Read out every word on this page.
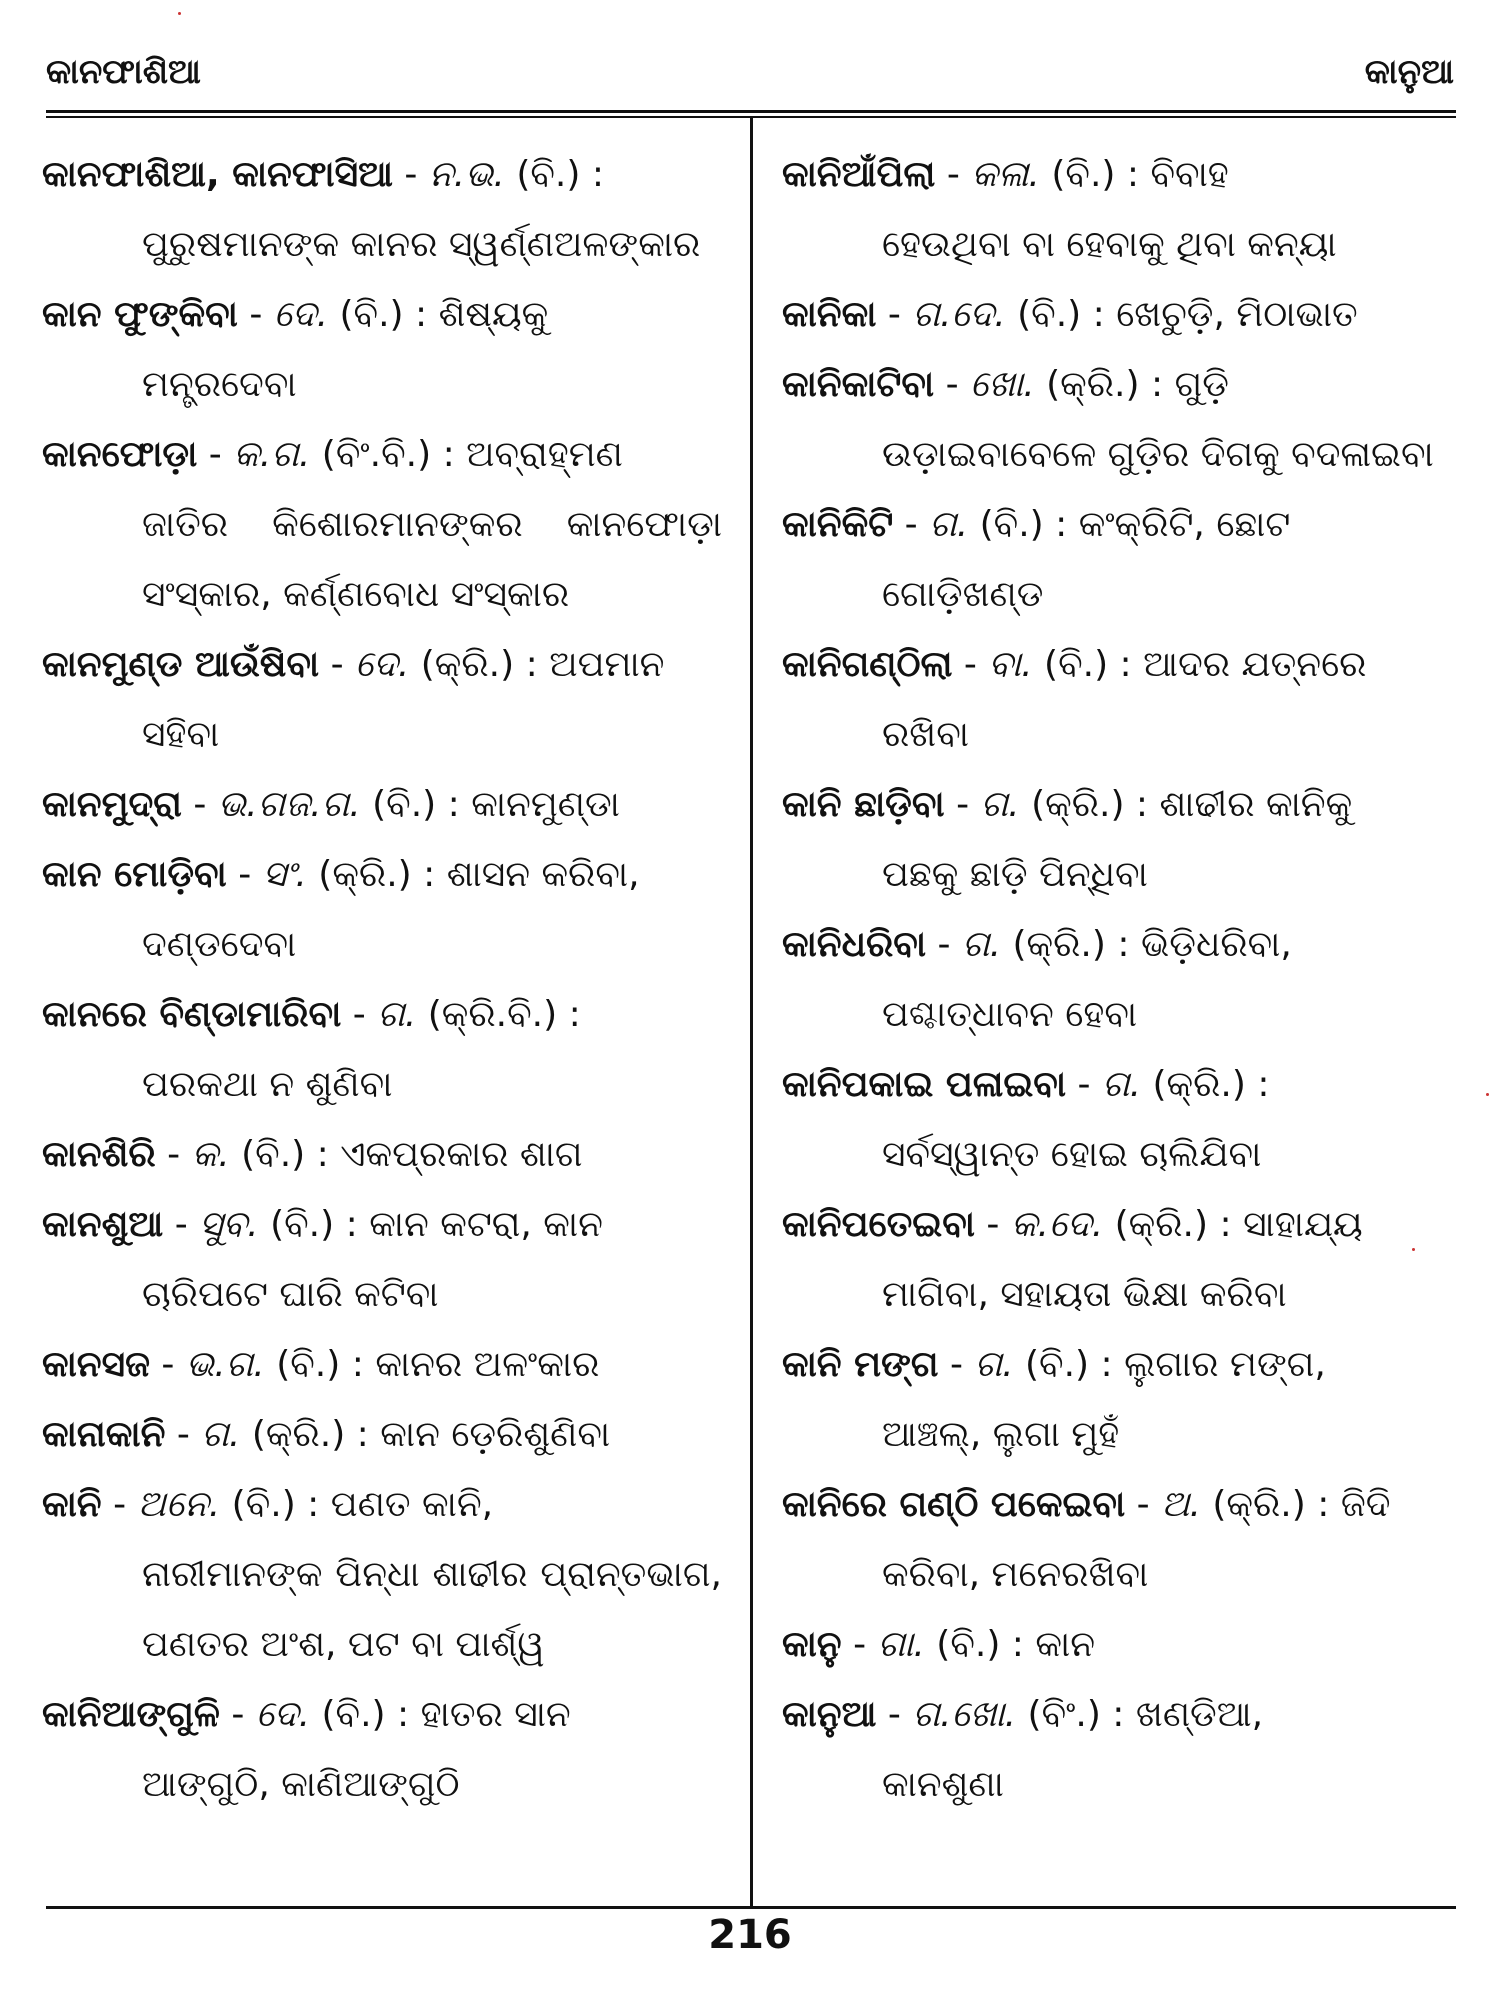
କାନଫାଶିଆ	କାନୁଆ
କାନଫାଶିଆ, କାନଫାସିଆ - ନ.ଭ. (ବି.) :
ପୁରୁଷମାନଙ୍କ କାନର ସ୍ୱର୍ଣ୍ଣଅଳଙ୍କାର
କାନ ଫୁଙ୍କିବା - ଦେ. (ବି.) : ଶିଷ୍ୟକୁ
ମନ୍ତ୍ରଦେବା
କାନଫୋଡ଼ା - କ.ଗ. (ବିଂ.ବି.) : ଅବ୍ରାହ୍ମଣ
ଜାତିର କିଶୋରମାନଙ୍କର କାନଫୋଡ଼ା ସଂସ୍କାର, କର୍ଣ୍ଣବୋଧ ସଂସ୍କାର
କାନମୁଣ୍ଡ ଆଉଁଷିବା - ଦେ. (କ୍ରି.) : ଅପମାନ
ସହିବା
କାନମୁଦ୍ରା - ଭ.ଗଜ.ଗ. (ବି.) : କାନମୁଣ୍ଡା
କାନ ମୋଡ଼ିବା - ସଂ. (କ୍ରି.) : ଶାସନ କରିବା,
ଦଣ୍ଡଦେବା
କାନରେ ବିଣ୍ଡାମାରିବା - ଗ. (କ୍ରି.ବି.) :
ପରକଥା ନ ଶୁଣିବା
କାନଶିରି - କ. (ବି.) : ଏକପ୍ରକାର ଶାଗ
କାନଶୁଆ - ସୁବ. (ବି.) : କାନ କଟରା, କାନ
ଚାରିପଟେ ଘାରି କଟିବା
କାନସଜ - ଭ.ଗ. (ବି.) : କାନର ଅଳଂକାର
କାନାକାନି - ଗ. (କ୍ରି.) : କାନ ଡ଼େରିଶୁଣିବା
କାନି - ଅନେ. (ବି.) : ପଣତ କାନି,
ନାରୀମାନଙ୍କ ପିନ୍ଧା ଶାଢୀର ପ୍ରାନ୍ତଭାଗ, ପଣତର ଅଂଶ, ପଟ ବା ପାର୍ଶ୍ୱ
କାନିଆଙ୍ଗୁଳି - ଦେ. (ବି.) : ହାତର ସାନ
ଆଙ୍ଗୁଠି, କାଣିଆଙ୍ଗୁଠି
କାନିଆଁପିଲା - କଳା. (ବି.) : ବିବାହ
ହେଉଥିବା ବା ହେବାକୁ ଥିବା କନ୍ୟା
କାନିକା - ଗ.ଦେ. (ବି.) : ଖେଚୁଡ଼ି, ମିଠାଭାତ
କାନିକାଟିବା - ଖୋ. (କ୍ରି.) : ଗୁଡ଼ି
ଉଡ଼ାଇବାବେଳେ ଗୁଡ଼ିର ଦିଗକୁ ବଦଳାଇବା
କାନିକିଟି - ଗ. (ବି.) : କଂକ୍ରିଟି, ଛୋଟ
ଗୋଡ଼ିଖଣ୍ଡ
କାନିଗଣ୍ଠିଲା - ବା. (ବି.) : ଆଦର ଯତ୍ନରେ
ରଖିବା
କାନି ଛାଡ଼ିବା - ଗ. (କ୍ରି.) : ଶାଢୀର କାନିକୁ
ପଛକୁ ଛାଡ଼ି ପିନ୍ଧିବା
କାନିଧରିବା - ଗ. (କ୍ରି.) : ଭିଡ଼ିଧରିବା,
ପଶ୍ଚାତ୍‌ଧାବନ ହେବା
କାନିପକାଇ ପଳାଇବା - ଗ. (କ୍ରି.) :
ସର୍ବସ୍ୱାନ୍ତ ହୋଇ ଚାଲିଯିବା
କାନିପତେଇବା - କ.ଦେ. (କ୍ରି.) : ସାହାଯ୍ୟ
ମାଗିବା, ସହାୟତା ଭିକ୍ଷା କରିବା
କାନି ମଙ୍ଗ - ଗ. (ବି.) : ଲୁଗାର ମଙ୍ଗ,
ଆଞ୍ଚଲ୍, ଲୁଗା ମୁହଁ
କାନିରେ ଗଣ୍ଠି ପକେଇବା - ଅ. (କ୍ରି.) : ଜିଦି
କରିବା, ମନେରଖିବା
କାନୁ - ଗା. (ବି.) : କାନ
କାନୁଆ - ଗ.ଖୋ. (ବିଂ.) : ଖଣ୍ଡିଆ,
କାନଶୁଣା
216
